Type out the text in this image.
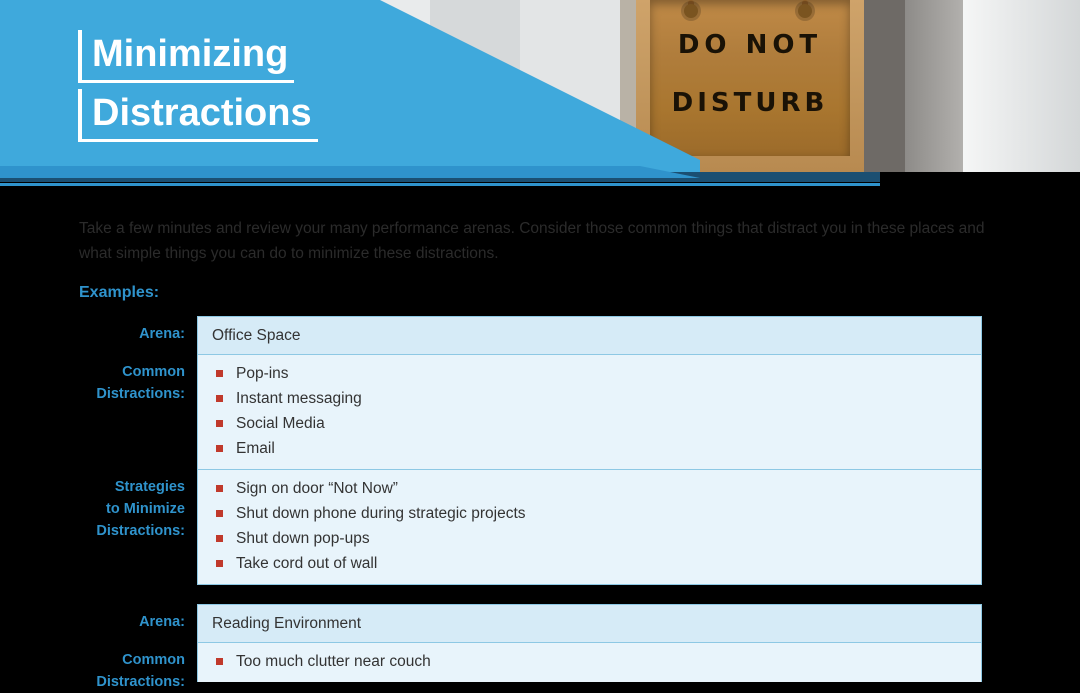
DO NOT
DISTURB
Minimizing
Distractions
Take a few minutes and review your many performance arenas. Consider those common things that distract you in these places and what simple things you can do to minimize these distractions.
Examples:
Arena:	Office Space
Common
Distractions:
Pop-ins
Instant messaging
Social Media
Email
Strategies
to Minimize
Distractions:
Sign on door “Not Now”
Shut down phone during strategic projects
Shut down pop-ups
Take cord out of wall
Arena:	Reading Environment
Common
Distractions:
Too much clutter near couch
